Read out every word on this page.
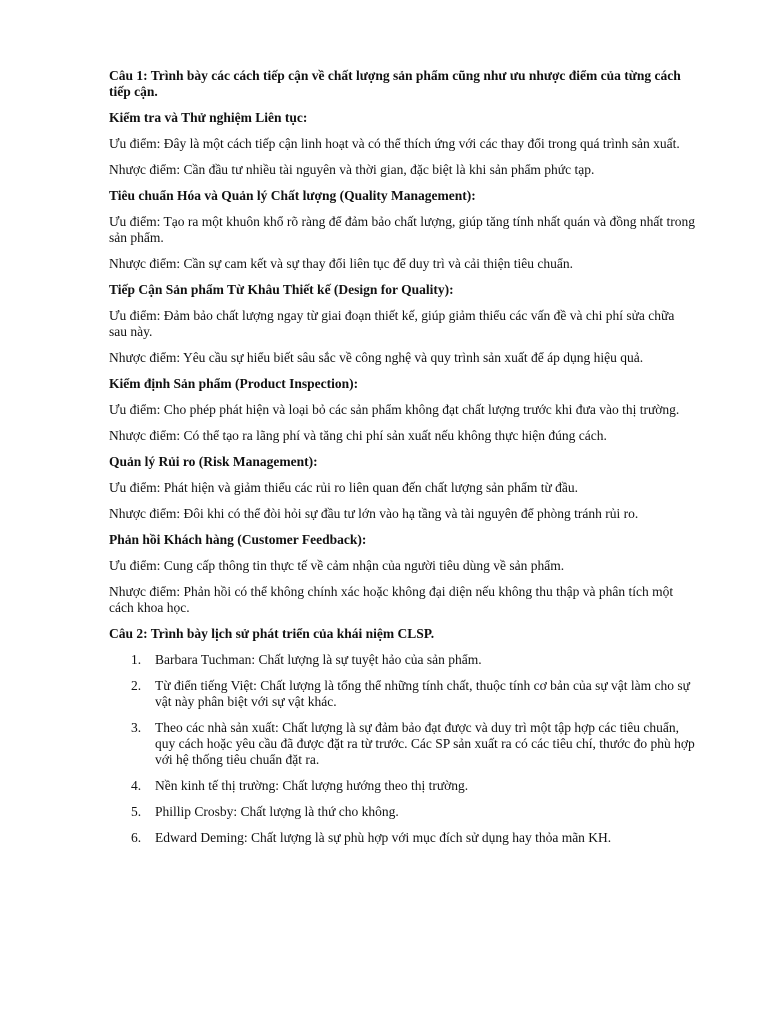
Câu 1: Trình bày các cách tiếp cận về chất lượng sản phẩm cũng như ưu nhược điểm của từng cách tiếp cận.
Kiểm tra và Thử nghiệm Liên tục:
Ưu điểm: Đây là một cách tiếp cận linh hoạt và có thể thích ứng với các thay đổi trong quá trình sản xuất.
Nhược điểm: Cần đầu tư nhiều tài nguyên và thời gian, đặc biệt là khi sản phẩm phức tạp.
Tiêu chuẩn Hóa và Quản lý Chất lượng (Quality Management):
Ưu điểm: Tạo ra một khuôn khổ rõ ràng để đảm bảo chất lượng, giúp tăng tính nhất quán và đồng nhất trong sản phẩm.
Nhược điểm: Cần sự cam kết và sự thay đổi liên tục để duy trì và cải thiện tiêu chuẩn.
Tiếp Cận Sản phẩm Từ Khâu Thiết kế (Design for Quality):
Ưu điểm: Đảm bảo chất lượng ngay từ giai đoạn thiết kế, giúp giảm thiểu các vấn đề và chi phí sửa chữa sau này.
Nhược điểm: Yêu cầu sự hiểu biết sâu sắc về công nghệ và quy trình sản xuất để áp dụng hiệu quả.
Kiểm định Sản phẩm (Product Inspection):
Ưu điểm: Cho phép phát hiện và loại bỏ các sản phẩm không đạt chất lượng trước khi đưa vào thị trường.
Nhược điểm: Có thể tạo ra lãng phí và tăng chi phí sản xuất nếu không thực hiện đúng cách.
Quản lý Rủi ro (Risk Management):
Ưu điểm: Phát hiện và giảm thiểu các rủi ro liên quan đến chất lượng sản phẩm từ đầu.
Nhược điểm: Đôi khi có thể đòi hỏi sự đầu tư lớn vào hạ tầng và tài nguyên để phòng tránh rủi ro.
Phản hồi Khách hàng (Customer Feedback):
Ưu điểm: Cung cấp thông tin thực tế về cảm nhận của người tiêu dùng về sản phẩm.
Nhược điểm: Phản hồi có thể không chính xác hoặc không đại diện nếu không thu thập và phân tích một cách khoa học.
Câu 2: Trình bày lịch sử phát triển của khái niệm CLSP.
1. Barbara Tuchman: Chất lượng là sự tuyệt hảo của sản phẩm.
2. Từ điển tiếng Việt: Chất lượng là tổng thể những tính chất, thuộc tính cơ bản của sự vật làm cho sự vật này phân biệt với sự vật khác.
3. Theo các nhà sản xuất: Chất lượng là sự đảm bảo đạt được và duy trì một tập hợp các tiêu chuẩn, quy cách hoặc yêu cầu đã được đặt ra từ trước. Các SP sản xuất ra có các tiêu chí, thước đo phù hợp với hệ thống tiêu chuẩn đặt ra.
4. Nền kinh tế thị trường: Chất lượng hướng theo thị trường.
5. Phillip Crosby: Chất lượng là thứ cho không.
6. Edward Deming: Chất lượng là sự phù hợp với mục đích sử dụng hay thỏa mãn KH.
